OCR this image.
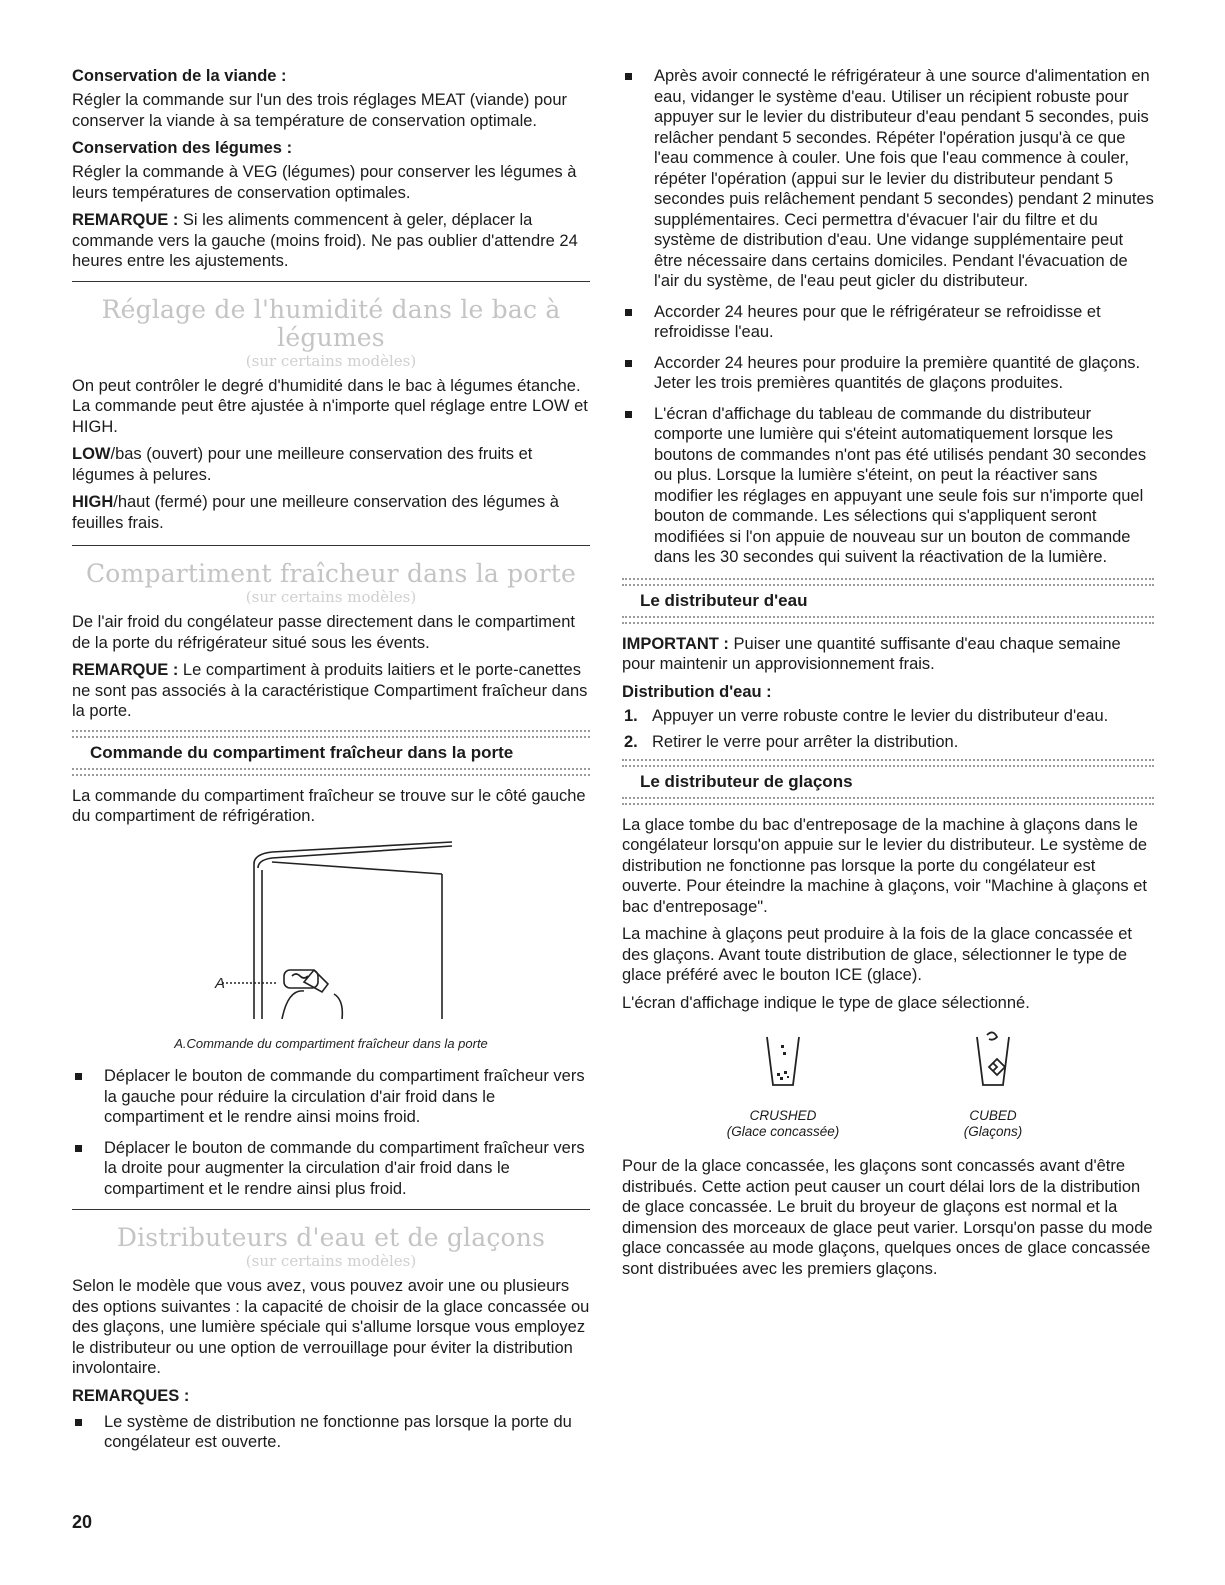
Conservation de la viande :

Régler la commande sur l'un des trois réglages MEAT (viande) pour conserver la viande à sa température de conservation optimale.

Conservation des légumes :

Régler la commande à VEG (légumes) pour conserver les légumes à leurs températures de conservation optimales.

REMARQUE : Si les aliments commencent à geler, déplacer la commande vers la gauche (moins froid). Ne pas oublier d'attendre 24 heures entre les ajustements.

Réglage de l'humidité dans le bac à légumes
(sur certains modèles)

On peut contrôler le degré d'humidité dans le bac à légumes étanche. La commande peut être ajustée à n'importe quel réglage entre LOW et HIGH.

LOW/bas (ouvert) pour une meilleure conservation des fruits et légumes à pelures.

HIGH/haut (fermé) pour une meilleure conservation des légumes à feuilles frais.

Compartiment fraîcheur dans la porte
(sur certains modèles)

De l'air froid du congélateur passe directement dans le compartiment de la porte du réfrigérateur situé sous les évents.

REMARQUE : Le compartiment à produits laitiers et le porte-canettes ne sont pas associés à la caractéristique Compartiment fraîcheur dans la porte.

Commande du compartiment fraîcheur dans la porte

La commande du compartiment fraîcheur se trouve sur le côté gauche du compartiment de réfrigération.

A

A.Commande du compartiment fraîcheur dans la porte

Déplacer le bouton de commande du compartiment fraîcheur vers la gauche pour réduire la circulation d'air froid dans le compartiment et le rendre ainsi moins froid.
Déplacer le bouton de commande du compartiment fraîcheur vers la droite pour augmenter la circulation d'air froid dans le compartiment et le rendre ainsi plus froid.
Distributeurs d'eau et de glaçons
(sur certains modèles)

Selon le modèle que vous avez, vous pouvez avoir une ou plusieurs des options suivantes : la capacité de choisir de la glace concassée ou des glaçons, une lumière spéciale qui s'allume lorsque vous employez le distributeur ou une option de verrouillage pour éviter la distribution involontaire.

REMARQUES :

Le système de distribution ne fonctionne pas lorsque la porte du congélateur est ouverte.
Après avoir connecté le réfrigérateur à une source d'alimentation en eau, vidanger le système d'eau. Utiliser un récipient robuste pour appuyer sur le levier du distributeur d'eau pendant 5 secondes, puis relâcher pendant 5 secondes. Répéter l'opération jusqu'à ce que l'eau commence à couler. Une fois que l'eau commence à couler, répéter l'opération (appui sur le levier du distributeur pendant 5 secondes puis relâchement pendant 5 secondes) pendant 2 minutes supplémentaires. Ceci permettra d'évacuer l'air du filtre et du système de distribution d'eau. Une vidange supplémentaire peut être nécessaire dans certains domiciles. Pendant l'évacuation de l'air du système, de l'eau peut gicler du distributeur.
Accorder 24 heures pour que le réfrigérateur se refroidisse et refroidisse l'eau.
Accorder 24 heures pour produire la première quantité de glaçons. Jeter les trois premières quantités de glaçons produites.
L'écran d'affichage du tableau de commande du distributeur comporte une lumière qui s'éteint automatiquement lorsque les boutons de commandes n'ont pas été utilisés pendant 30 secondes ou plus. Lorsque la lumière s'éteint, on peut la réactiver sans modifier les réglages en appuyant une seule fois sur n'importe quel bouton de commande. Les sélections qui s'appliquent seront modifiées si l'on appuie de nouveau sur un bouton de commande dans les 30 secondes qui suivent la réactivation de la lumière.
Le distributeur d'eau

IMPORTANT : Puiser une quantité suffisante d'eau chaque semaine pour maintenir un approvisionnement frais.

Distribution d'eau :

1. Appuyer un verre robuste contre le levier du distributeur d'eau.
2. Retirer le verre pour arrêter la distribution.
Le distributeur de glaçons

La glace tombe du bac d'entreposage de la machine à glaçons dans le congélateur lorsqu'on appuie sur le levier du distributeur. Le système de distribution ne fonctionne pas lorsque la porte du congélateur est ouverte. Pour éteindre la machine à glaçons, voir "Machine à glaçons et bac d'entreposage".

La machine à glaçons peut produire à la fois de la glace concassée et des glaçons. Avant toute distribution de glace, sélectionner le type de glace préféré avec le bouton ICE (glace).

L'écran d'affichage indique le type de glace sélectionné.

CRUSHED
(Glace concassée)
CUBED
(Glaçons)

Pour de la glace concassée, les glaçons sont concassés avant d'être distribués. Cette action peut causer un court délai lors de la distribution de glace concassée. Le bruit du broyeur de glaçons est normal et la dimension des morceaux de glace peut varier. Lorsqu'on passe du mode glace concassée au mode glaçons, quelques onces de glace concassée sont distribuées avec les premiers glaçons.

20
